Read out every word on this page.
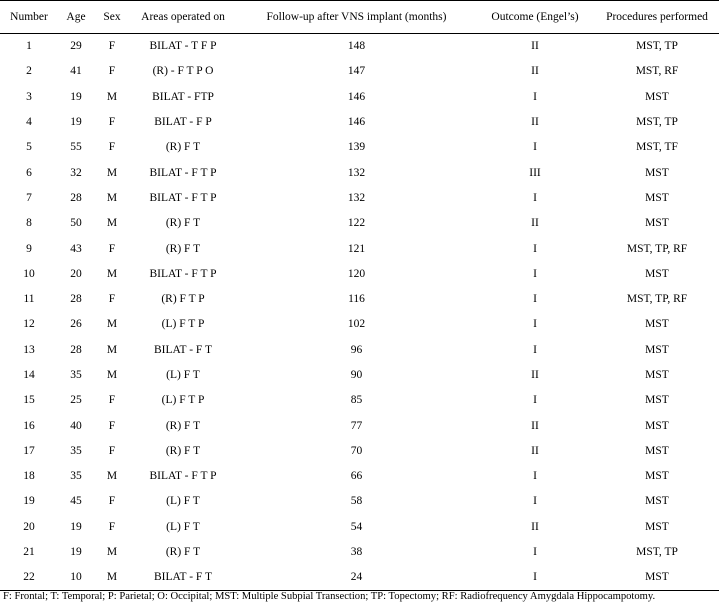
Number	Age	Sex	Areas operated on	Follow-up after VNS implant (months)	Outcome (Engel’s)	Procedures performed
1	29	F	BILAT - T F P	148	II	MST, TP
2	41	F	(R) - F T P O	147	II	MST, RF
3	19	M	BILAT - FTP	146	I	MST
4	19	F	BILAT - F P	146	II	MST, TP
5	55	F	(R) F T	139	I	MST, TF
6	32	M	BILAT - F T P	132	III	MST
7	28	M	BILAT - F T P	132	I	MST
8	50	M	(R) F T	122	II	MST
9	43	F	(R) F T	121	I	MST, TP, RF
10	20	M	BILAT - F T P	120	I	MST
11	28	F	(R) F T P	116	I	MST, TP, RF
12	26	M	(L) F T P	102	I	MST
13	28	M	BILAT - F T	96	I	MST
14	35	M	(L) F T	90	II	MST
15	25	F	(L) F T P	85	I	MST
16	40	F	(R) F T	77	II	MST
17	35	F	(R) F T	70	II	MST
18	35	M	BILAT - F T P	66	I	MST
19	45	F	(L) F T	58	I	MST
20	19	F	(L) F T	54	II	MST
21	19	M	(R) F T	38	I	MST, TP
22	10	M	BILAT - F T	24	I	MST
F: Frontal; T: Temporal; P: Parietal; O: Occipital; MST: Multiple Subpial Transection; TP: Topectomy; RF: Radiofrequency Amygdala Hippocampotomy.
